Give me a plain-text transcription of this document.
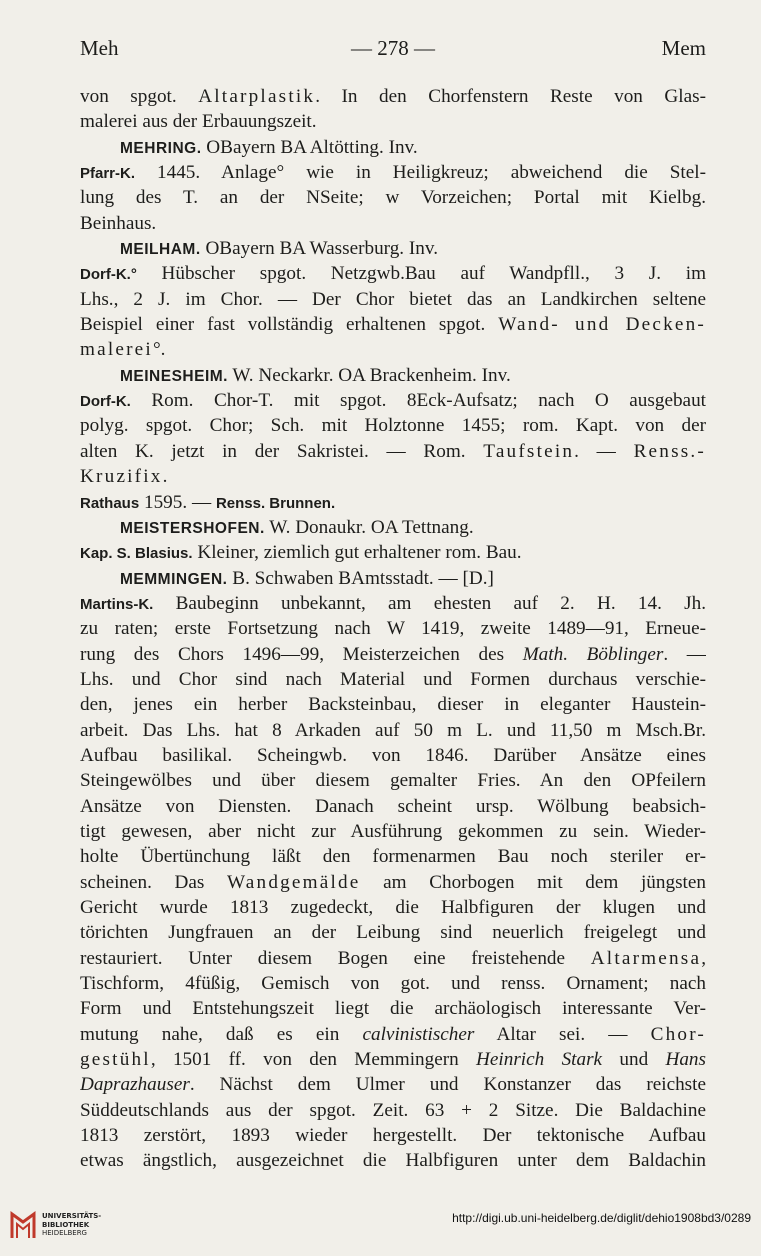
Meh	— 278 —	Mem
von spgot. Altarplastik. In den Chorfenstern Reste von Glas-
malerei aus der Erbauungszeit.
MEHRING. OBayern BA Altötting. Inv.
Pfarr-K. 1445. Anlage° wie in Heiligkreuz; abweichend die Stel-
lung des T. an der NSeite; w Vorzeichen; Portal mit Kielbg.
Beinhaus.
MEILHAM. OBayern BA Wasserburg. Inv.
Dorf-K.° Hübscher spgot. Netzgwb.Bau auf Wandpfll., 3 J. im
Lhs., 2 J. im Chor. — Der Chor bietet das an Landkirchen seltene
Beispiel einer fast vollständig erhaltenen spgot. Wand- und Decken-
malerei°.
MEINESHEIM. W. Neckarkr. OA Brackenheim. Inv.
Dorf-K. Rom. Chor-T. mit spgot. 8Eck-Aufsatz; nach O ausgebaut
polyg. spgot. Chor; Sch. mit Holztonne 1455; rom. Kapt. von der
alten K. jetzt in der Sakristei. — Rom. Taufstein. — Renss.-
Kruzifix.
Rathaus 1595. — Renss. Brunnen.
MEISTERSHOFEN. W. Donaukr. OA Tettnang.
Kap. S. Blasius. Kleiner, ziemlich gut erhaltener rom. Bau.
MEMMINGEN. B. Schwaben BAmtsstadt. — [D.]
Martins-K. Baubeginn unbekannt, am ehesten auf 2. H. 14. Jh.
zu raten; erste Fortsetzung nach W 1419, zweite 1489—91, Erneue-
rung des Chors 1496—99, Meisterzeichen des Math. Böblinger. —
Lhs. und Chor sind nach Material und Formen durchaus verschie-
den, jenes ein herber Backsteinbau, dieser in eleganter Haustein-
arbeit. Das Lhs. hat 8 Arkaden auf 50 m L. und 11,50 m Msch.Br.
Aufbau basilikal. Scheingwb. von 1846. Darüber Ansätze eines
Steingewölbes und über diesem gemalter Fries. An den OPfeilern
Ansätze von Diensten. Danach scheint ursp. Wölbung beabsich-
tigt gewesen, aber nicht zur Ausführung gekommen zu sein. Wieder-
holte Übertünchung läßt den formenarmen Bau noch steriler er-
scheinen. Das Wandgemälde am Chorbogen mit dem jüngsten
Gericht wurde 1813 zugedeckt, die Halbfiguren der klugen und
törichten Jungfrauen an der Leibung sind neuerlich freigelegt und
restauriert. Unter diesem Bogen eine freistehende Altarmensa,
Tischform, 4füßig, Gemisch von got. und renss. Ornament; nach
Form und Entstehungszeit liegt die archäologisch interessante Ver-
mutung nahe, daß es ein calvinistischer Altar sei. — Chor-
gestühl, 1501 ff. von den Memmingern Heinrich Stark und Hans
Daprazhauser. Nächst dem Ulmer und Konstanzer das reichste
Süddeutschlands aus der spgot. Zeit. 63 + 2 Sitze. Die Baldachine
1813 zerstört, 1893 wieder hergestellt. Der tektonische Aufbau
etwas ängstlich, ausgezeichnet die Halbfiguren unter dem Baldachin
UNIVERSITÄTS-
BIBLIOTHEK
HEIDELBERG
http://digi.ub.uni-heidelberg.de/diglit/dehio1908bd3/0289
